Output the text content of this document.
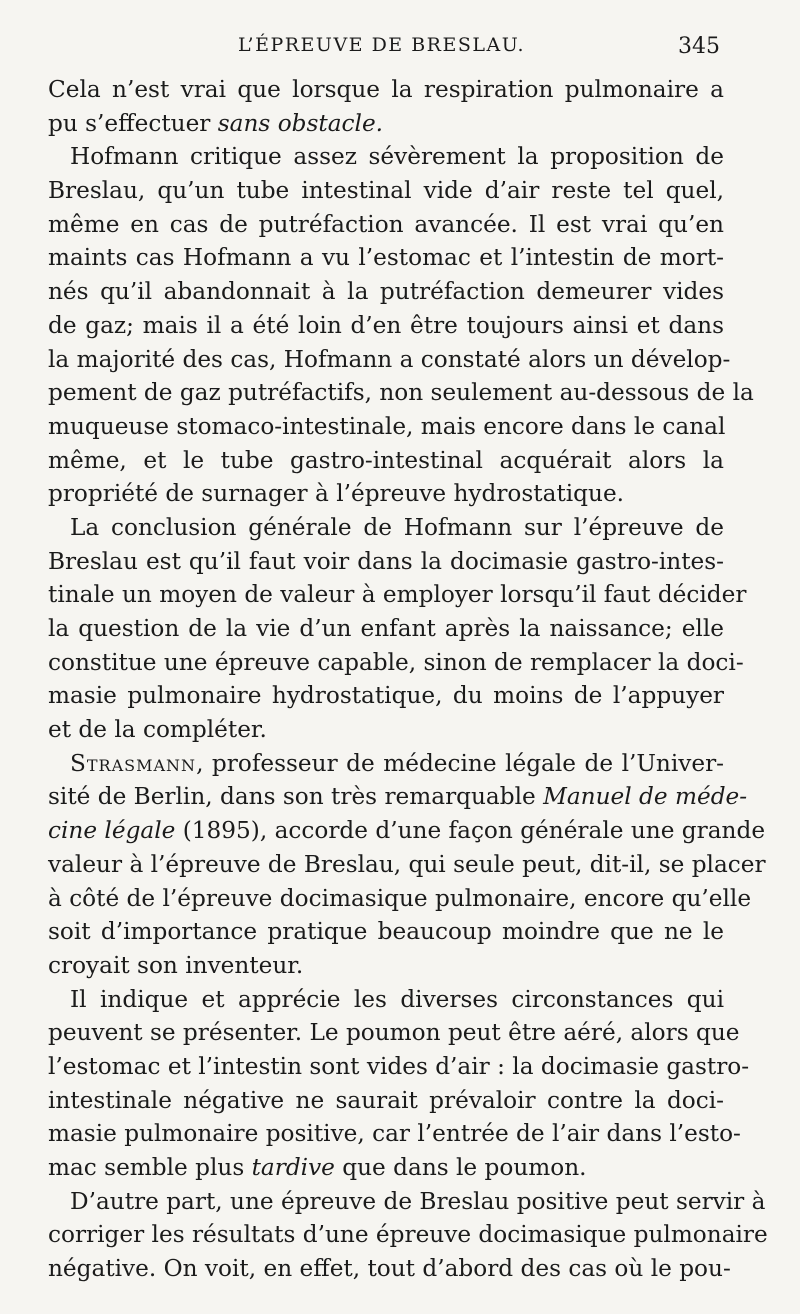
L’ÉPREUVE DE BRESLAU.	345
Cela n’est vrai que lorsque la respiration pulmonaire a
pu s’effectuer sans obstacle.
Hofmann critique assez sévèrement la proposition de
Breslau, qu’un tube intestinal vide d’air reste tel quel,
même en cas de putréfaction avancée. Il est vrai qu’en
maints cas Hofmann a vu l’estomac et l’intestin de mort-
nés qu’il abandonnait à la putréfaction demeurer vides
de gaz; mais il a été loin d’en être toujours ainsi et dans
la majorité des cas, Hofmann a constaté alors un dévelop-
pement de gaz putréfactifs, non seulement au-dessous de la
muqueuse stomaco-intestinale, mais encore dans le canal
même, et le tube gastro-intestinal acquérait alors la
propriété de surnager à l’épreuve hydrostatique.
La conclusion générale de Hofmann sur l’épreuve de
Breslau est qu’il faut voir dans la docimasie gastro-intes-
tinale un moyen de valeur à employer lorsqu’il faut décider
la question de la vie d’un enfant après la naissance; elle
constitue une épreuve capable, sinon de remplacer la doci-
masie pulmonaire hydrostatique, du moins de l’appuyer
et de la compléter.
Strasmann, professeur de médecine légale de l’Univer-
sité de Berlin, dans son très remarquable Manuel de méde-
cine légale (1895), accorde d’une façon générale une grande
valeur à l’épreuve de Breslau, qui seule peut, dit-il, se placer
à côté de l’épreuve docimasique pulmonaire, encore qu’elle
soit d’importance pratique beaucoup moindre que ne le
croyait son inventeur.
Il indique et apprécie les diverses circonstances qui
peuvent se présenter. Le poumon peut être aéré, alors que
l’estomac et l’intestin sont vides d’air : la docimasie gastro-
intestinale négative ne saurait prévaloir contre la doci-
masie pulmonaire positive, car l’entrée de l’air dans l’esto-
mac semble plus tardive que dans le poumon.
D’autre part, une épreuve de Breslau positive peut servir à
corriger les résultats d’une épreuve docimasique pulmonaire
négative. On voit, en effet, tout d’abord des cas où le pou-
